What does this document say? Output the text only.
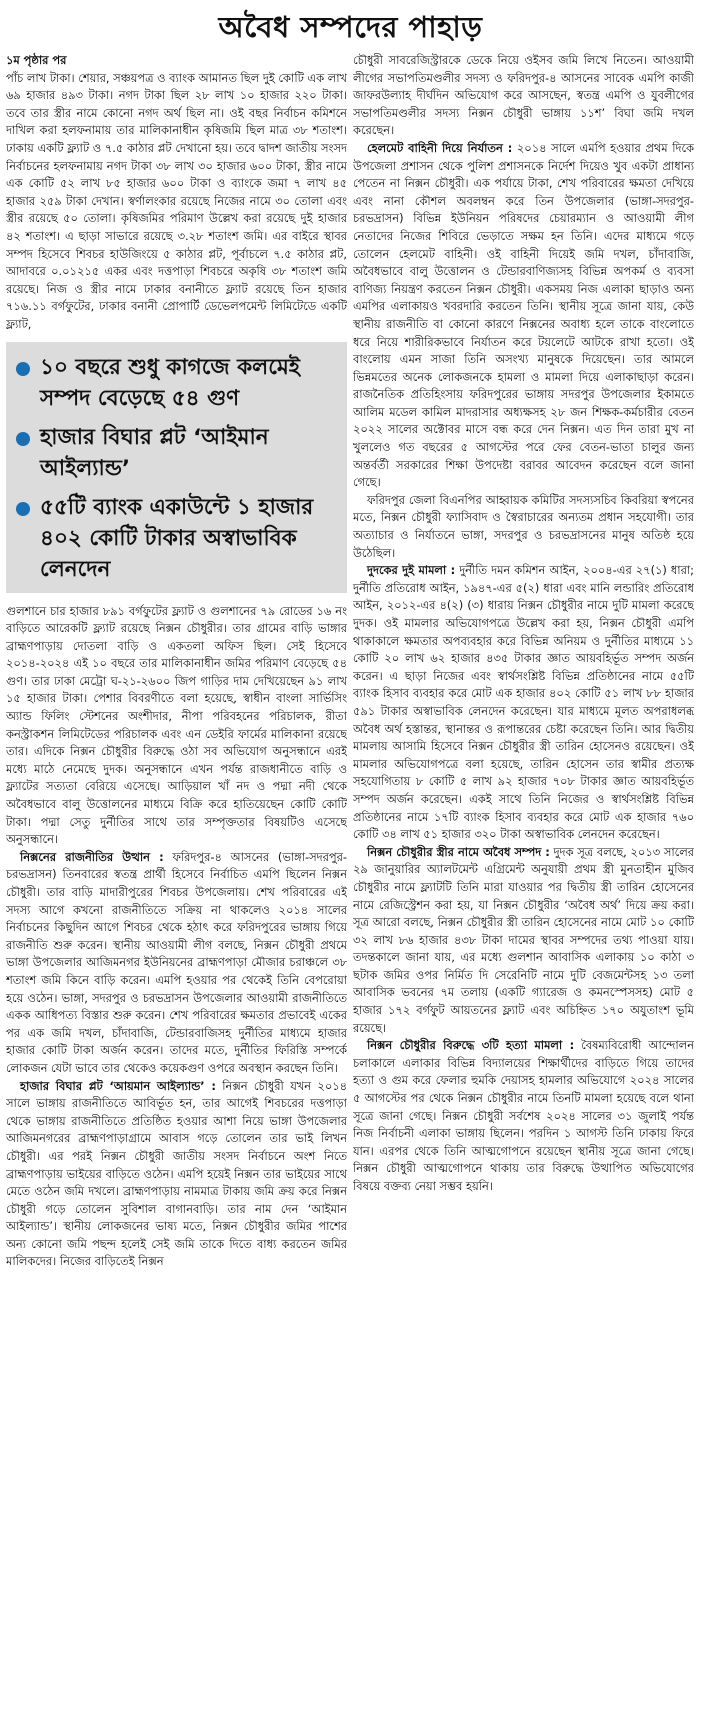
অবৈধ সম্পদের পাহাড়
১ম পৃষ্ঠার পর

পাঁচ লাখ টাকা। শেয়ার, সঞ্চয়পত্র ও ব্যাংক আমানত ছিল দুই কোটি এক লাখ ৬৯ হাজার ৪৯৩ টাকা। নগদ টাকা ছিল ২৮ লাখ ১০ হাজার ২২০ টাকা। তবে তার স্ত্রীর নামে কোনো নগদ অর্থ ছিল না। ওই বছর নির্বাচন কমিশনে দাখিল করা হলফনামায় তার মালিকানাধীন কৃষিজমি ছিল মাত্র ৩৮ শতাংশ। ঢাকায় একটি ফ্ল্যাট ও ৭.৫ কাঠার প্লট দেখানো হয়। তবে দ্বাদশ জাতীয় সংসদ নির্বাচনের হলফনামায় নগদ টাকা ৩৮ লাখ ৩০ হাজার ৬০০ টাকা, স্ত্রীর নামে এক কোটি ৫২ লাখ ৮৫ হাজার ৬০০ টাকা ও ব্যাংকে জমা ৭ লাখ ৪৫ হাজার ২৫৯ টাকা দেখান। স্বর্ণালংকার রয়েছে নিজের নামে ৩০ তোলা এবং স্ত্রীর রয়েছে ৫০ তোলা। কৃষিজমির পরিমাণ উল্লেখ করা রয়েছে দুই হাজার ৪২ শতাংশ। এ ছাড়া সাভারে রয়েছে ৩.২৮ শতাংশ জমি। এর বাইরে স্থাবর সম্পদ হিসেবে শিবচর হাউজিংয়ে ৫ কাঠার প্লট, পূর্বাচলে ৭.৫ কাঠার প্লট, আদাবরে ০.০১২১৫ একর এবং দত্তপাড়া শিবচরে অকৃষি ৩৮ শতাংশ জমি রয়েছে। নিজ ও স্ত্রীর নামে ঢাকার বনানীতে ফ্ল্যাট রয়েছে তিন হাজার ৭১৬.১১ বর্গফুটের, ঢাকার বনানী প্রোপার্টি ডেভেলপমেন্ট লিমিটেডে একটি ফ্ল্যাট,

১০ বছরে শুধু কাগজে কলমেই সম্পদ বেড়েছে ৫৪ গুণ
হাজার বিঘার প্লট ‘আইমান আইল্যান্ড’
৫৫টি ব্যাংক একাউন্টে ১ হাজার ৪০২ কোটি টাকার অস্বাভাবিক লেনদেন

গুলশানে চার হাজার ৮৯১ বর্গফুটের ফ্ল্যাট ও গুলশানের ৭৯ রোডের ১৬ নং বাড়িতে আরেকটি ফ্ল্যাট রয়েছে নিক্সন চৌধুরীর। তার গ্রামের বাড়ি ভাঙ্গার ব্রাহ্মণপাড়ায় দোতলা বাড়ি ও একতলা অফিস ছিল। সেই হিসেবে ২০১৪-২০২৪ এই ১০ বছরে তার মালিকানাধীন জমির পরিমাণ বেড়েছে ৫৪ গুণ। তার ঢাকা মেট্রো ঘ-২১-২৬০০ জিপ গাড়ির দাম দেখিয়েছেন ৯১ লাখ ১৫ হাজার টাকা। পেশার বিবরণীতে বলা হয়েছে, স্বাধীন বাংলা সার্ভিসিং অ্যান্ড ফিলিং স্টেশনের অংশীদার, নীপা পরিবহনের পরিচালক, রীতা কনস্ট্রাকশন লিমিটেডের পরিচালক এবং এন ডেইরি ফার্মের মালিকানা রয়েছে তার। এদিকে নিক্সন চৌধুরীর বিরুদ্ধে ওঠা সব অভিযোগ অনুসন্ধানে এরই মধ্যে মাঠে নেমেছে দুদক। অনুসন্ধানে এখন পর্যন্ত রাজধানীতে বাড়ি ও ফ্ল্যাটের সত্যতা বেরিয়ে এসেছে। আড়িয়াল খাঁ নদ ও পদ্মা নদী থেকে অবৈধভাবে বালু উত্তোলনের মাধ্যমে বিক্রি করে হাতিয়েছেন কোটি কোটি টাকা। পদ্মা সেতু দুর্নীতির সাথে তার সম্পৃক্ততার বিষয়টিও এসেছে অনুসন্ধানে।

নিক্সনের রাজনীতির উত্থান : ফরিদপুর-৪ আসনের (ভাঙ্গা-সদরপুর-চরভদ্রাসন) তিনবারের স্বতন্ত্র প্রার্থী হিসেবে নির্বাচিত এমপি ছিলেন নিক্সন চৌধুরী। তার বাড়ি মাদারীপুরের শিবচর উপজেলায়। শেখ পরিবারের এই সদস্য আগে কখনো রাজনীতিতে সক্রিয় না থাকলেও ২০১৪ সালের নির্বাচনের কিছুদিন আগে শিবচর থেকে হঠাৎ করে ফরিদপুরের ভাঙ্গায় গিয়ে রাজনীতি শুরু করেন। স্থানীয় আওয়ামী লীগ বলছে, নিক্সন চৌধুরী প্রথমে ভাঙ্গা উপজেলার আজিমনগর ইউনিয়নের ব্রাহ্মণপাড়া মৌজার চরাঞ্চলে ৩৮ শতাংশ জমি কিনে বাড়ি করেন। এমপি হওয়ার পর থেকেই তিনি বেপরোয়া হয়ে ওঠেন। ভাঙ্গা, সদরপুর ও চরভদ্রাসন উপজেলার আওয়ামী রাজনীতিতে একক আধিপত্য বিস্তার শুরু করেন। শেখ পরিবারের ক্ষমতার প্রভাবেই একের পর এক জমি দখল, চাঁদাবাজি, টেন্ডারবাজিসহ দুর্নীতির মাধ্যমে হাজার হাজার কোটি টাকা অর্জন করেন। তাদের মতে, দুর্নীতির ফিরিস্তি সম্পর্কে লোকজন যেটা ভাবে তার থেকেও কয়েকগুণ ওপরে অবস্থান করছেন তিনি।
হাজার বিঘার প্লট ‘আয়মান আইল্যান্ড’ : নিক্সন চৌধুরী যখন ২০১৪ সালে ভাঙ্গায় রাজনীতিতে আবির্ভূত হন, তার আগেই শিবচরের দত্তপাড়া থেকে ভাঙ্গায় রাজনীতিতে প্রতিষ্ঠিত হওয়ার আশা নিয়ে ভাঙ্গা উপজেলার আজিমনগরের ব্রাহ্মণপাড়াগ্রামে আবাস গড়ে তোলেন তার ভাই লিখন চৌধুরী। এর পরই নিক্সন চৌধুরী জাতীয় সংসদ নির্বাচনে অংশ নিতে ব্রাহ্মণপাড়ায় ভাইয়ের বাড়িতে ওঠেন। এমপি হয়েই নিক্সন তার ভাইয়ের সাথে মেতে ওঠেন জমি দখলে। ব্রাহ্মণপাড়ায় নামমাত্র টাকায় জমি ক্রয় করে নিক্সন চৌধুরী গড়ে তোলেন সুবিশাল বাগানবাড়ি। তার নাম দেন ‘আইমান আইল্যান্ড’। স্থানীয় লোকজনের ভাষ্য মতে, নিক্সন চৌধুরীর জমির পাশের অন্য কোনো জমি পছন্দ হলেই সেই জমি তাকে দিতে বাধ্য করতেন জমির মালিকদের। নিজের বাড়িতেই নিক্সন

চৌধুরী সাবরেজিস্ট্রারকে ডেকে নিয়ে ওইসব জমি লিখে নিতেন। আওয়ামী লীগের সভাপতিমণ্ডলীর সদস্য ও ফরিদপুর-৪ আসনের সাবেক এমপি কাজী জাফরউল্যাহ দীর্ঘদিন অভিযোগ করে আসছেন, স্বতন্ত্র এমপি ও যুবলীগের সভাপতিমণ্ডলীর সদস্য নিক্সন চৌধুরী ভাঙ্গায় ১১শ’ বিঘা জমি দখল করেছেন।

হেলমেট বাহিনী দিয়ে নির্যাতন : ২০১৪ সালে এমপি হওয়ার প্রথম দিকে উপজেলা প্রশাসন থেকে পুলিশ প্রশাসনকে নির্দেশ দিয়েও খুব একটা প্রাধান্য পেতেন না নিক্সন চৌধুরী। এক পর্যায়ে টাকা, শেখ পরিবারের ক্ষমতা দেখিয়ে এবং নানা কৌশল অবলম্বন করে তিন উপজেলার (ভাঙ্গা-সদরপুর-চরভদ্রাসন) বিভিন্ন ইউনিয়ন পরিষদের চেয়ারম্যান ও আওয়ামী লীগ নেতাদের নিজের শিবিরে ভেড়াতে সক্ষম হন তিনি। এদের মাধ্যমে গড়ে তোলেন হেলমেট বাহিনী। ওই বাহিনী দিয়েই জমি দখল, চাঁদাবাজি, অবৈধভাবে বালু উত্তোলন ও টেন্ডারবাণিজ্যসহ বিভিন্ন অপকর্ম ও ব্যবসা বাণিজ্য নিয়ন্ত্রণ করতেন নিক্সন চৌধুরী। একসময় নিজ এলাকা ছাড়াও অন্য এমপির এলাকায়ও খবরদারি করতেন তিনি। স্থানীয় সূত্রে জানা যায়, কেউ স্থানীয় রাজনীতি বা কোনো কারণে নিক্সনের অবাধ্য হলে তাকে বাংলোতে ধরে নিয়ে শারীরিকভাবে নির্যাতন করে টয়লেটে আটকে রাখা হতো। ওই বাংলোয় এমন সাজা তিনি অসংখ্য মানুষকে দিয়েছেন। তার আমলে ভিন্নমতের অনেক লোকজনকে হামলা ও মামলা দিয়ে এলাকাছাড়া করেন। রাজনৈতিক প্রতিহিংসায় ফরিদপুরের ভাঙ্গায় সদরপুর উপজেলার ইকামতে আলিম মডেল কামিল মাদরাসার অধ্যক্ষসহ ২৮ জন শিক্ষক-কর্মচারীর বেতন ২০২২ সালের অক্টোবর মাসে বন্ধ করে দেন নিক্সন। এত দিন তারা মুখ না খুললেও গত বছরের ৫ আগস্টের পরে ফের বেতন-ভাতা চালুর জন্য অন্তর্বর্তী সরকারের শিক্ষা উপদেষ্টা বরাবর আবেদন করেছেন বলে জানা গেছে।

ফরিদপুর জেলা বিএনপির আহ্বায়ক কমিটির সদস্যসচিব কিবরিয়া স্বপনের মতে, নিক্সন চৌধুরী ফ্যাসিবাদ ও স্বৈরাচারের অন্যতম প্রধান সহযোগী। তার অত্যাচার ও নির্যাতনে ভাঙ্গা, সদরপুর ও চরভদ্রাসনের মানুষ অতিষ্ঠ হয়ে উঠেছিল।

দুদকের দুই মামলা : দুর্নীতি দমন কমিশন আইন, ২০০৪-এর ২৭(১) ধারা; দুর্নীতি প্রতিরোধ আইন, ১৯৪৭-এর ৫(২) ধারা এবং মানি লন্ডারিং প্রতিরোধ আইন, ২০১২-এর ৪(২) (৩) ধারায় নিক্সন চৌধুরীর নামে দুটি মামলা করেছে দুদক। ওই মামলার অভিযোগপত্রে উল্লেখ করা হয়, নিক্সন চৌধুরী এমপি থাকাকালে ক্ষমতার অপব্যবহার করে বিভিন্ন অনিয়ম ও দুর্নীতির মাধ্যমে ১১ কোটি ২০ লাখ ৬২ হাজার ৪৩৫ টাকার জ্ঞাত আয়বহির্ভূত সম্পদ অর্জন করেন। এ ছাড়া নিজের এবং স্বার্থসংশ্লিষ্ট বিভিন্ন প্রতিষ্ঠানের নামে ৫৫টি ব্যাংক হিসাব ব্যবহার করে মোট এক হাজার ৪০২ কোটি ৫১ লাখ ৮৮ হাজার ৫৯১ টাকার অস্বাভাবিক লেনদেন করেছেন। যার মাধ্যমে মূলত অপরাধলব্ধ অবৈধ অর্থ হস্তান্তর, স্থানান্তর ও রূপান্তরের চেষ্টা করেছেন তিনি। আর দ্বিতীয় মামলায় আসামি হিসেবে নিক্সন চৌধুরীর স্ত্রী তারিন হোসেনও রয়েছেন। ওই মামলার অভিযোগপত্রে বলা হয়েছে, তারিন হোসেন তার স্বামীর প্রত্যক্ষ সহযোগিতায় ৮ কোটি ৫ লাখ ৯২ হাজার ৭০৮ টাকার জ্ঞাত আয়বহির্ভূত সম্পদ অর্জন করেছেন। একই সাথে তিনি নিজের ও স্বার্থসংশ্লিষ্ট বিভিন্ন প্রতিষ্ঠানের নামে ১৭টি ব্যাংক হিসাব ব্যবহার করে মোট এক হাজার ৭৬০ কোটি ৩৪ লাখ ৫১ হাজার ৩২০ টাকা অস্বাভাবিক লেনদেন করেছেন।
নিক্সন চৌধুরীর স্ত্রীর নামে অবৈধ সম্পদ : দুদক সূত্র বলছে, ২০১৩ সালের ২৯ জানুয়ারির অ্যালটমেন্ট এগ্রিমেন্ট অনুযায়ী প্রথম স্ত্রী মুনতাহীন মুজিব চৌধুরীর নামে ফ্ল্যাটটি তিনি মারা যাওয়ার পর দ্বিতীয় স্ত্রী তারিন হোসেনের নামে রেজিস্ট্রেশন করা হয়, যা নিক্সন চৌধুরীর ‘অবৈধ অর্থ’ দিয়ে ক্রয় করা। সূত্র আরো বলছে, নিক্সন চৌধুরীর স্ত্রী তারিন হোসেনের নামে মোট ১০ কোটি ৩২ লাখ ৮৬ হাজার ৪৩৮ টাকা দামের স্থাবর সম্পদের তথ্য পাওয়া যায়। তদন্তকালে জানা যায়, এর মধ্যে গুলশান আবাসিক এলাকায় ১০ কাঠা ৩ ছটাক জমির ওপর নির্মিত দি সেরেনিটি নামে দুটি বেজমেন্টসহ ১৩ তলা আবাসিক ভবনের ৭ম তলায় (একটি গ্যারেজ ও কমনস্পেসসহ) মোট ৫ হাজার ১৭২ বর্গফুট আয়তনের ফ্ল্যাট এবং অচিহ্নিত ১৭০ অযুতাংশ ভূমি রয়েছে।
নিক্সন চৌধুরীর বিরুদ্ধে ৩টি হত্যা মামলা : বৈষম্যবিরোধী আন্দোলন চলাকালে এলাকার বিভিন্ন বিদ্যালয়ের শিক্ষার্থীদের বাড়িতে গিয়ে তাদের হত্যা ও গুম করে ফেলার হুমকি দেয়াসহ হামলার অভিযোগে ২০২৪ সালের ৫ আগস্টের পর থেকে নিক্সন চৌধুরীর নামে তিনটি মামলা হয়েছে বলে থানা সূত্রে জানা গেছে। নিক্সন চৌধুরী সর্বশেষ ২০২৪ সালের ৩১ জুলাই পর্যন্ত নিজ নির্বাচনী এলাকা ভাঙ্গায় ছিলেন। পরদিন ১ আগস্ট তিনি ঢাকায় ফিরে যান। এরপর থেকে তিনি আত্মগোপনে রয়েছেন স্থানীয় সূত্রে জানা গেছে। নিক্সন চৌধুরী আত্মগোপনে থাকায় তার বিরুদ্ধে উত্থাপিত অভিযোগের বিষয়ে বক্তব্য নেয়া সম্ভব হয়নি।
